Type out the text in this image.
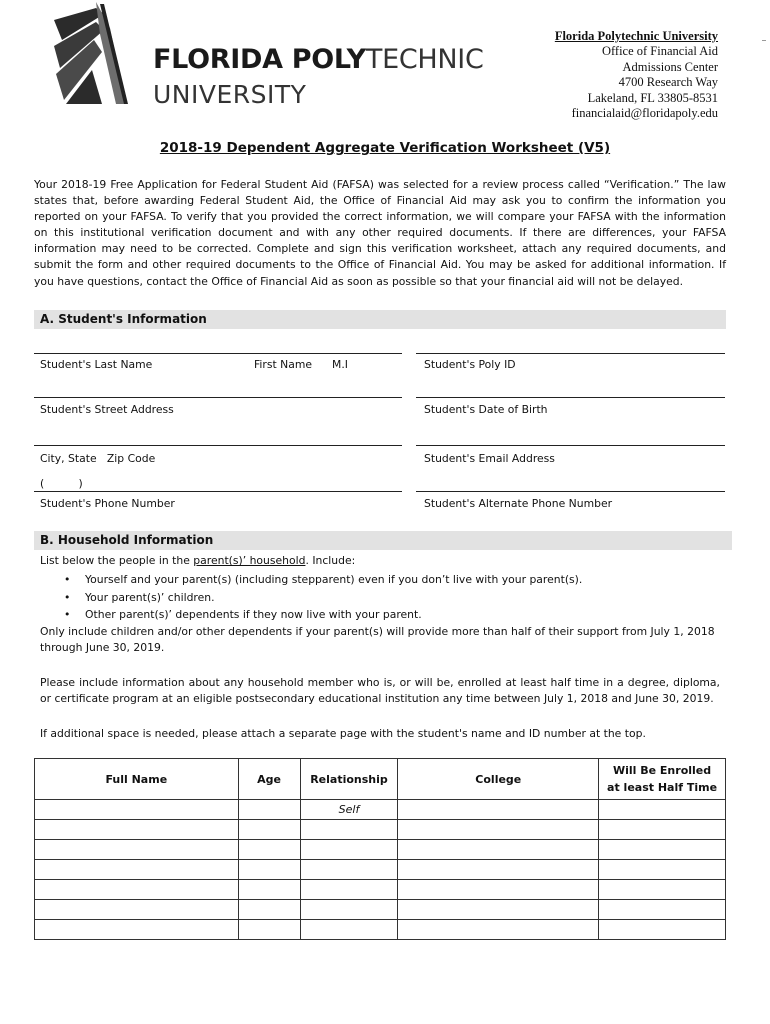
FLORIDA POLYTECHNIC
UNIVERSITY
Florida Polytechnic University
Office of Financial Aid
Admissions Center
4700 Research Way
Lakeland, FL 33805-8531
financialaid@floridapoly.edu
2018-19 Dependent Aggregate Verification Worksheet (V5)
Your 2018-19 Free Application for Federal Student Aid (FAFSA) was selected for a review process called “Verification.” The law states that, before awarding Federal Student Aid, the Office of Financial Aid may ask you to confirm the information you reported on your FAFSA. To verify that you provided the correct information, we will compare your FAFSA with the information on this institutional verification document and with any other required documents. If there are differences, your FAFSA information may need to be corrected. Complete and sign this verification worksheet, attach any required documents, and submit the form and other required documents to the Office of Financial Aid. You may be asked for additional information. If you have questions, contact the Office of Financial Aid as soon as possible so that your financial aid will not be delayed.
A. Student's Information
Student's Last Name	First Name M.I	Student's Poly ID
Student's Street Address	Student's Date of Birth
City, State   Zip Code	Student's Email Address
(          )
Student's Phone Number	Student's Alternate Phone Number
B. Household Information
List below the people in the parent(s)’ household. Include:
• Yourself and your parent(s) (including stepparent) even if you don’t live with your parent(s).
• Your parent(s)’ children.
• Other parent(s)’ dependents if they now live with your parent.
Only include children and/or other dependents if your parent(s) will provide more than half of their support from July 1, 2018 through June 30, 2019.
Please include information about any household member who is, or will be, enrolled at least half time in a degree, diploma, or certificate program at an eligible postsecondary educational institution any time between July 1, 2018 and June 30, 2019.
If additional space is needed, please attach a separate page with the student's name and ID number at the top.
Full Name	Age	Relationship	College	Will Be Enrolled at least Half Time
		Self		
